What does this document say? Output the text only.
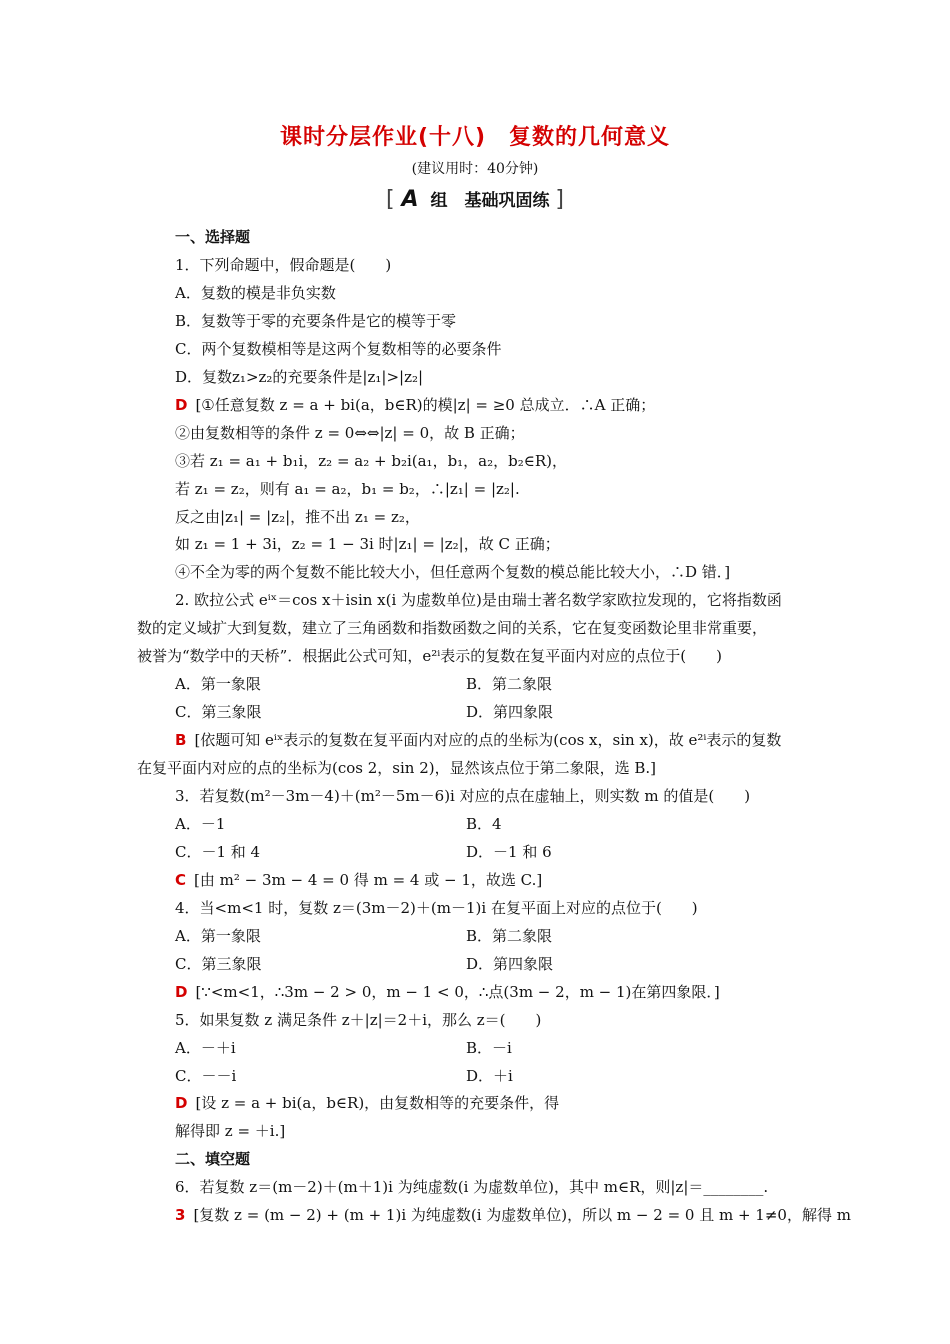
课时分层作业(十八)　复数的几何意义
(建议用时：40分钟)
[ A 组　基础巩固练 ]
一、选择题
1．下列命题中，假命题是(　　)
A．复数的模是非负实数
B．复数等于零的充要条件是它的模等于零
C．两个复数模相等是这两个复数相等的必要条件
D．复数z₁>z₂的充要条件是|z₁|>|z₂|
D [①任意复数 z = a + bi(a，b∈R)的模|z| = ≥0 总成立．∴A 正确；
②由复数相等的条件 z = 0⇔⇔|z| = 0，故 B 正确；
③若 z₁ = a₁ + b₁i，z₂ = a₂ + b₂i(a₁，b₁，a₂，b₂∈R)，
若 z₁ = z₂，则有 a₁ = a₂，b₁ = b₂，∴|z₁| = |z₂|.
反之由|z₁| = |z₂|，推不出 z₁ = z₂，
如 z₁ = 1 + 3i，z₂ = 1 − 3i 时|z₁| = |z₂|，故 C 正确；
④不全为零的两个复数不能比较大小，但任意两个复数的模总能比较大小，∴D 错．]
2. 欧拉公式 eⁱˣ＝cos x＋isin x(i 为虚数单位)是由瑞士著名数学家欧拉发现的，它将指数函
数的定义域扩大到复数，建立了三角函数和指数函数之间的关系，它在复变函数论里非常重要，
被誉为“数学中的天桥”．根据此公式可知，e²ⁱ表示的复数在复平面内对应的点位于(　　)
A．第一象限	B．第二象限
C．第三象限	D．第四象限
B [依题可知 eⁱˣ表示的复数在复平面内对应的点的坐标为(cos x，sin x)，故 e²ⁱ表示的复数
在复平面内对应的点的坐标为(cos 2，sin 2)，显然该点位于第二象限，选 B.]
3．若复数(m²－3m－4)＋(m²－5m－6)i 对应的点在虚轴上，则实数 m 的值是(　　)
A．－1	B．4
C．－1 和 4	D．－1 和 6
C [由 m² − 3m − 4 = 0 得 m = 4 或 − 1，故选 C.]
4．当<m<1 时，复数 z＝(3m－2)＋(m－1)i 在复平面上对应的点位于(　　)
A．第一象限	B．第二象限
C．第三象限	D．第四象限
D [∵<m<1，∴3m − 2 > 0，m − 1 < 0，∴点(3m − 2，m − 1)在第四象限．]
5．如果复数 z 满足条件 z＋|z|＝2＋i，那么 z＝(　　)
A．－＋i	B．－i
C．－－i	D．＋i
D [设 z = a + bi(a，b∈R)，由复数相等的充要条件，得
解得即 z = ＋i.]
二、填空题
6．若复数 z＝(m－2)＋(m＋1)i 为纯虚数(i 为虚数单位)，其中 m∈R，则|z|＝________.
3 [复数 z = (m − 2) + (m + 1)i 为纯虚数(i 为虚数单位)，所以 m − 2 = 0 且 m + 1≠0，解得 m
